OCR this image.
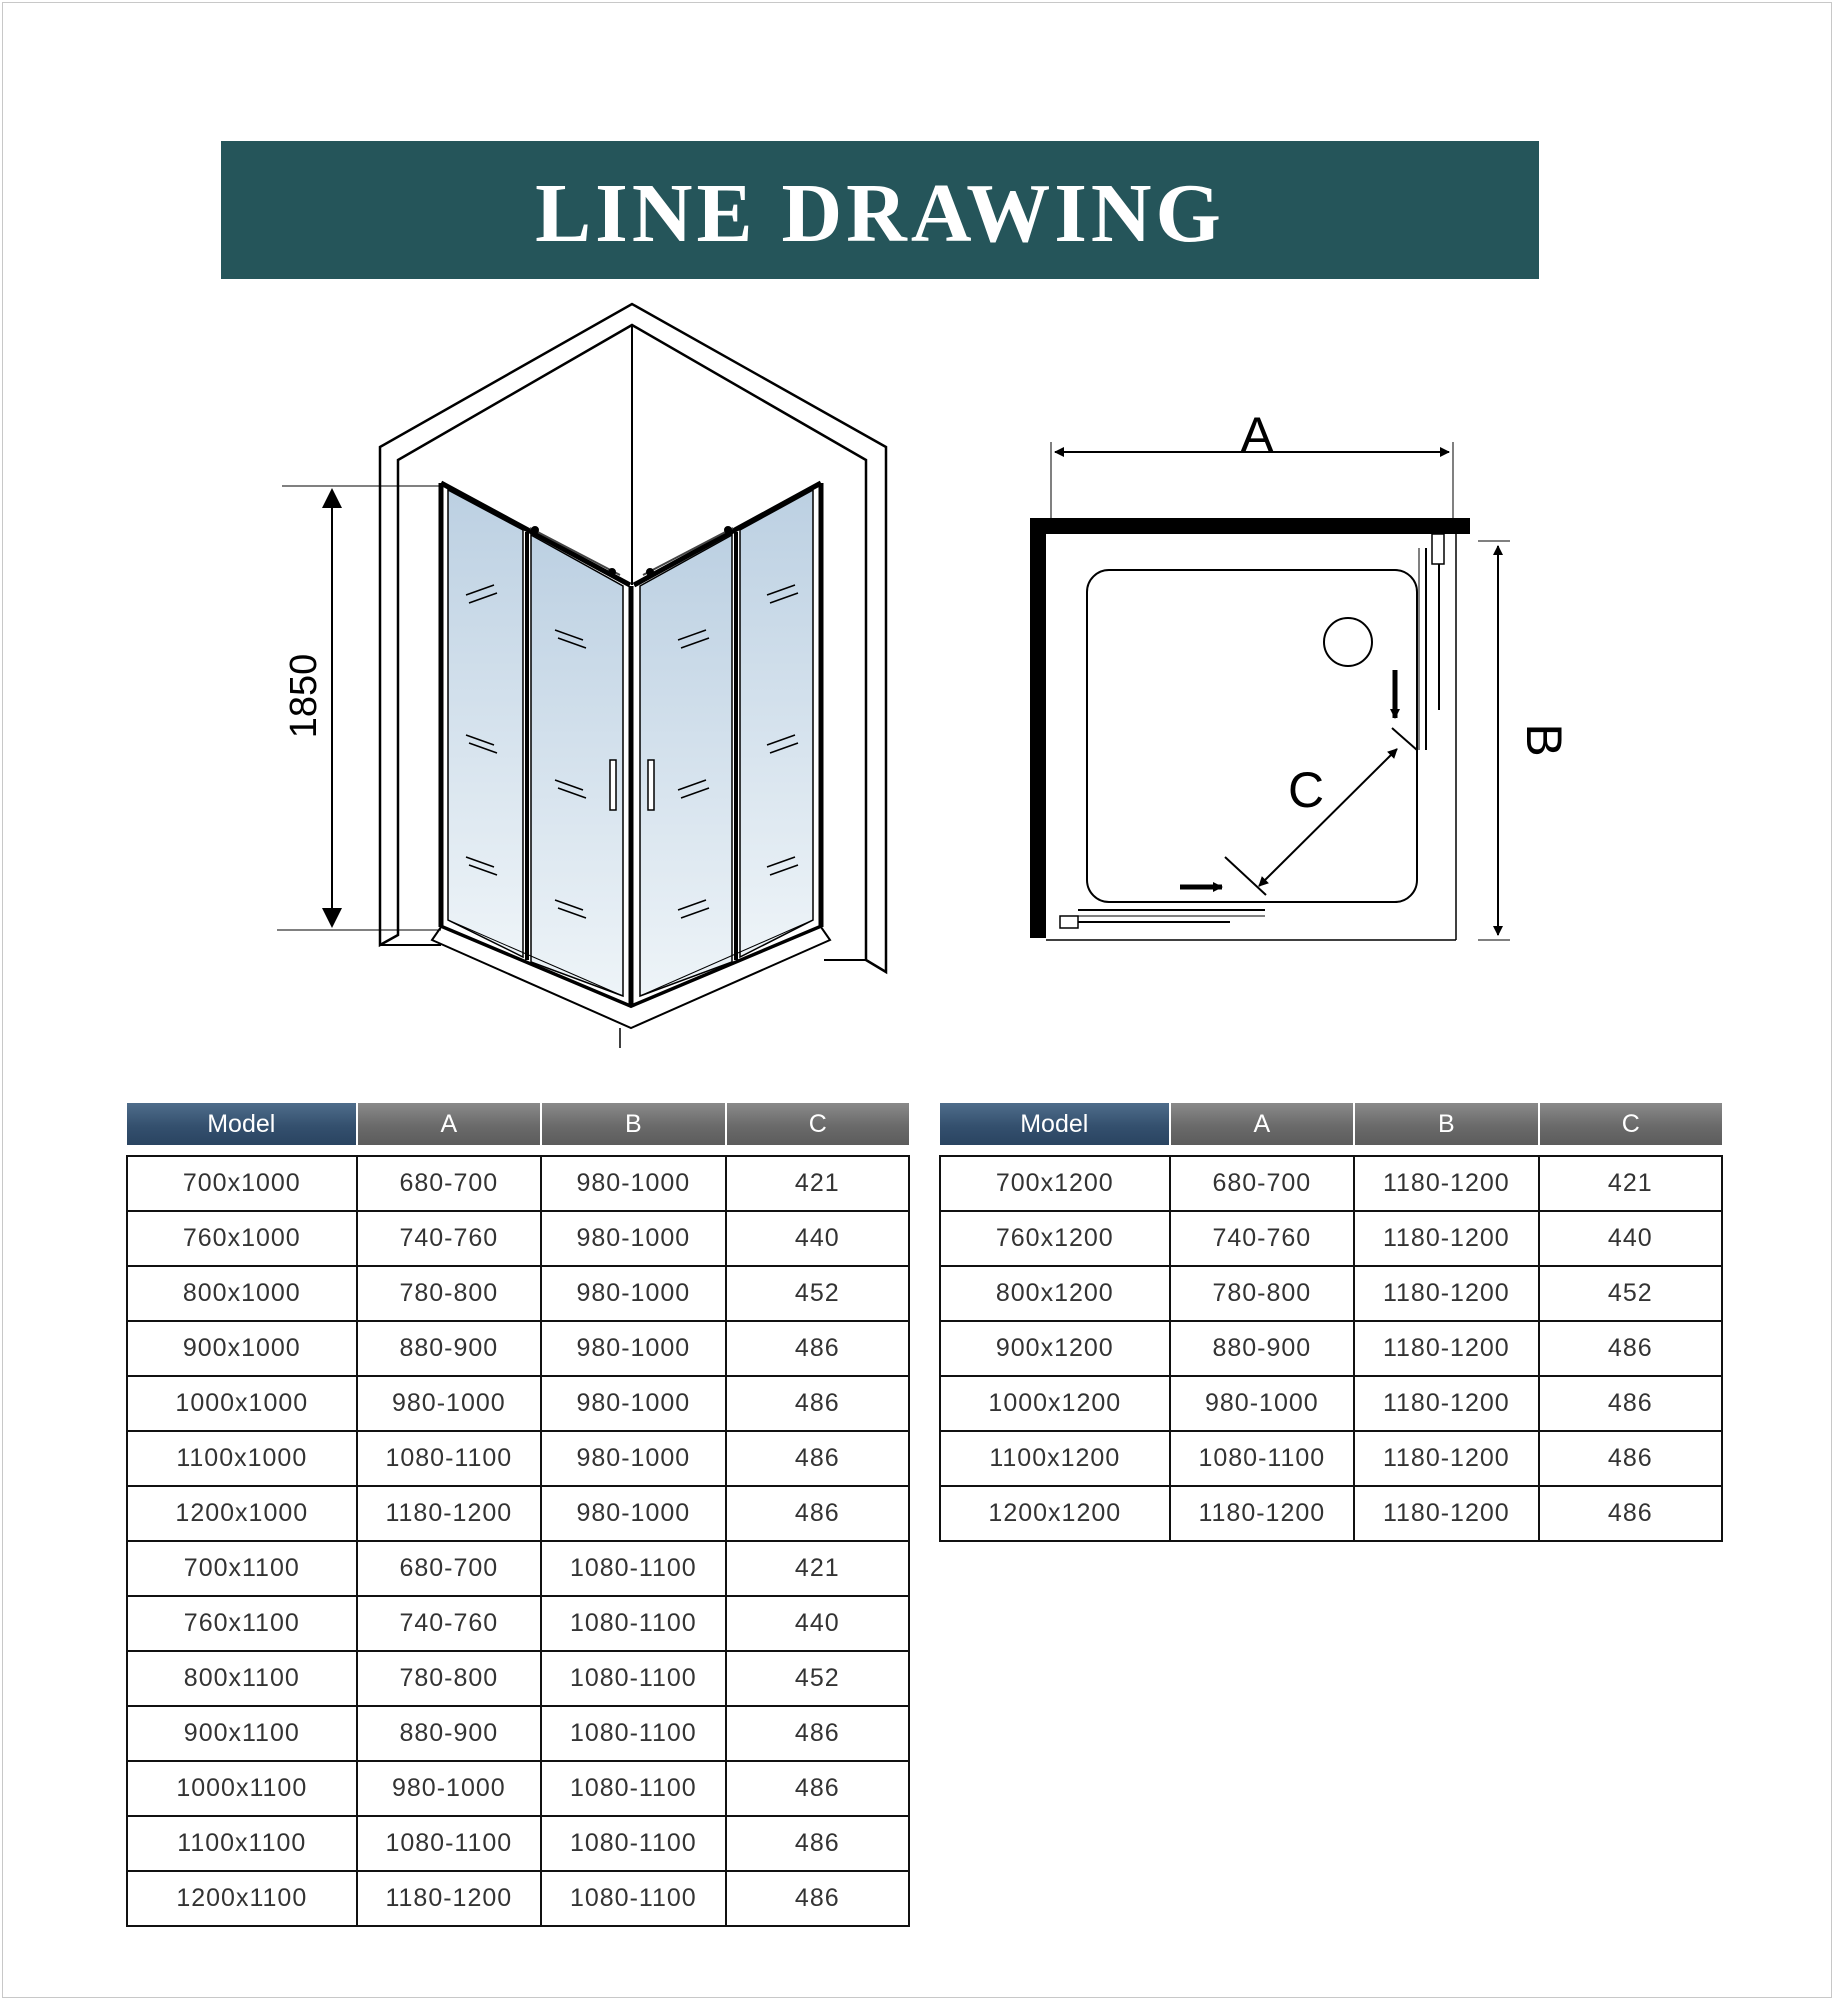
LINE DRAWING
1850
A
B
C
Model	A	B	C

700x1000	680-700	980-1000	421
760x1000	740-760	980-1000	440
800x1000	780-800	980-1000	452
900x1000	880-900	980-1000	486
1000x1000	980-1000	980-1000	486
1100x1000	1080-1100	980-1000	486
1200x1000	1180-1200	980-1000	486
700x1100	680-700	1080-1100	421
760x1100	740-760	1080-1100	440
800x1100	780-800	1080-1100	452
900x1100	880-900	1080-1100	486
1000x1100	980-1000	1080-1100	486
1100x1100	1080-1100	1080-1100	486
1200x1100	1180-1200	1080-1100	486
Model	A	B	C

700x1200	680-700	1180-1200	421
760x1200	740-760	1180-1200	440
800x1200	780-800	1180-1200	452
900x1200	880-900	1180-1200	486
1000x1200	980-1000	1180-1200	486
1100x1200	1080-1100	1180-1200	486
1200x1200	1180-1200	1180-1200	486
